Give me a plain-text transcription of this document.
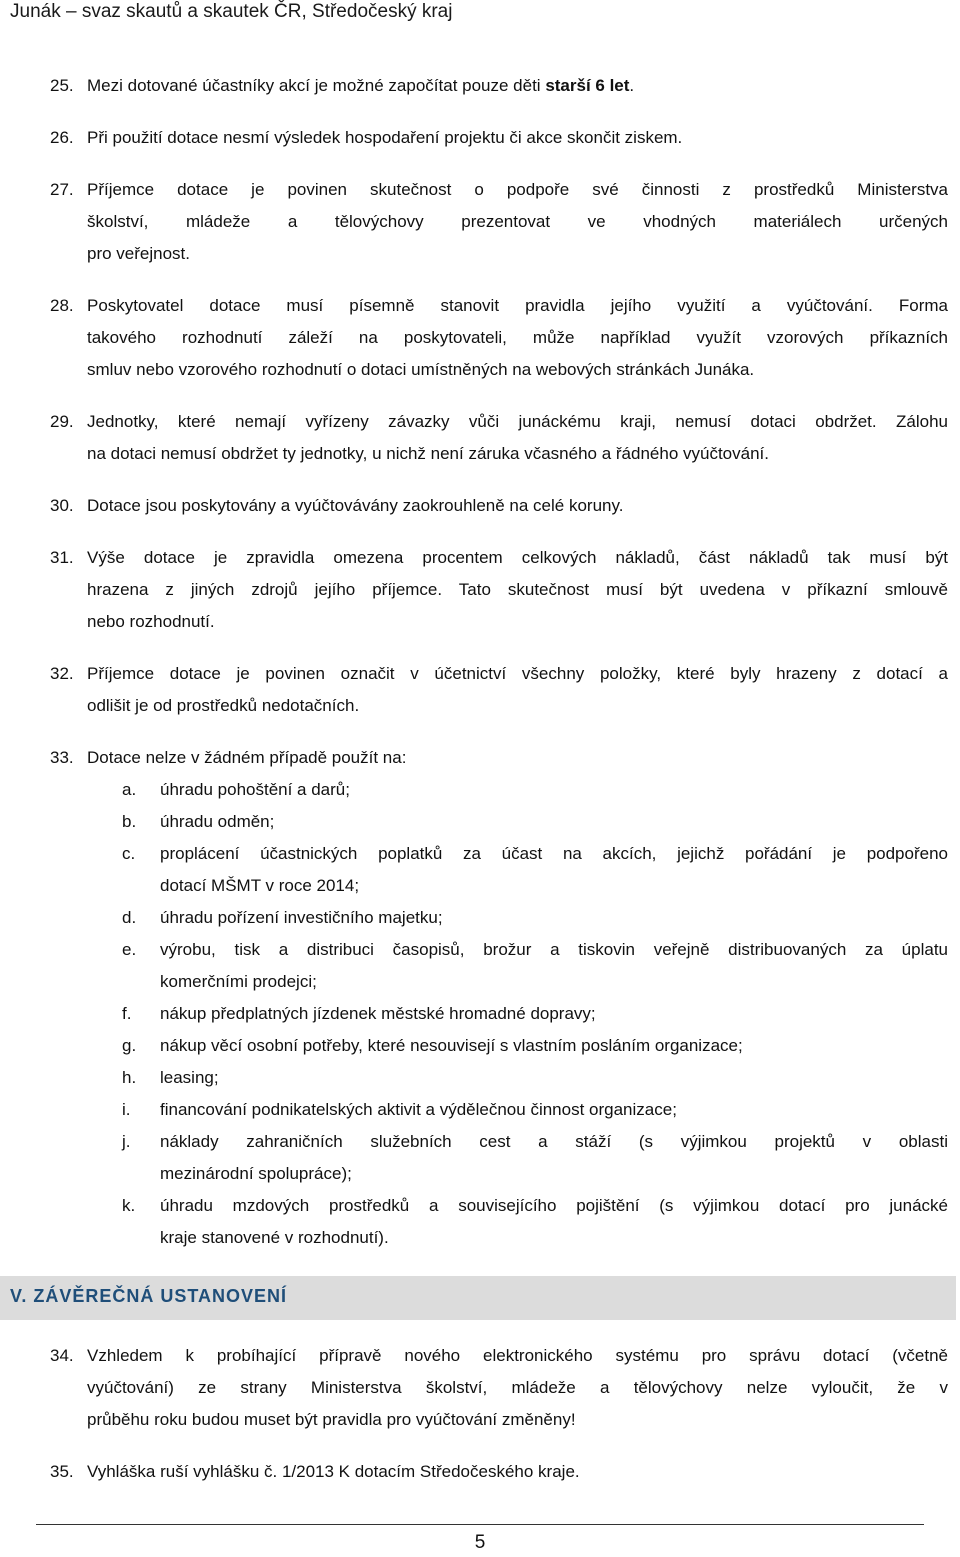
Junák – svaz skautů a skautek ČR, Středočeský kraj
25. Mezi dotované účastníky akcí je možné započítat pouze děti starší 6 let.
26. Při použití dotace nesmí výsledek hospodaření projektu či akce skončit ziskem.
27. Příjemce dotace je povinen skutečnost o podpoře své činnosti z prostředků Ministerstva
školství, mládeže a tělovýchovy prezentovat ve vhodných materiálech určených
pro veřejnost.
28. Poskytovatel dotace musí písemně stanovit pravidla jejího využití a vyúčtování. Forma
takového rozhodnutí záleží na poskytovateli, může například využít vzorových příkazních
smluv nebo vzorového rozhodnutí o dotaci umístněných na webových stránkách Junáka.
29. Jednotky, které nemají vyřízeny závazky vůči junáckému kraji, nemusí dotaci obdržet. Zálohu
na dotaci nemusí obdržet ty jednotky, u nichž není záruka včasného a řádného vyúčtování.
30. Dotace jsou poskytovány a vyúčtovávány zaokrouhleně na celé koruny.
31. Výše dotace je zpravidla omezena procentem celkových nákladů, část nákladů tak musí být
hrazena z jiných zdrojů jejího příjemce. Tato skutečnost musí být uvedena v příkazní smlouvě
nebo rozhodnutí.
32. Příjemce dotace je povinen označit v účetnictví všechny položky, které byly hrazeny z dotací a
odlišit je od prostředků nedotačních.
33. Dotace nelze v žádném případě použít na:
a. úhradu pohoštění a darů;
b. úhradu odměn;
c. proplácení účastnických poplatků za účast na akcích, jejichž pořádání je podpořeno
dotací MŠMT v roce 2014;
d. úhradu pořízení investičního majetku;
e. výrobu, tisk a distribuci časopisů, brožur a tiskovin veřejně distribuovaných za úplatu
komerčními prodejci;
f. nákup předplatných jízdenek městské hromadné dopravy;
g. nákup věcí osobní potřeby, které nesouvisejí s vlastním posláním organizace;
h. leasing;
i. financování podnikatelských aktivit a výdělečnou činnost organizace;
j. náklady zahraničních služebních cest a stáží (s výjimkou projektů v oblasti
mezinárodní spolupráce);
k. úhradu mzdových prostředků a souvisejícího pojištění (s výjimkou dotací pro junácké
kraje stanovené v rozhodnutí).
V. ZÁVĚREČNÁ USTANOVENÍ
34. Vzhledem k probíhající přípravě nového elektronického systému pro správu dotací (včetně
vyúčtování) ze strany Ministerstva školství, mládeže a tělovýchovy nelze vyloučit, že v
průběhu roku budou muset být pravidla pro vyúčtování změněny!
35. Vyhláška ruší vyhlášku č. 1/2013 K dotacím Středočeského kraje.
5
